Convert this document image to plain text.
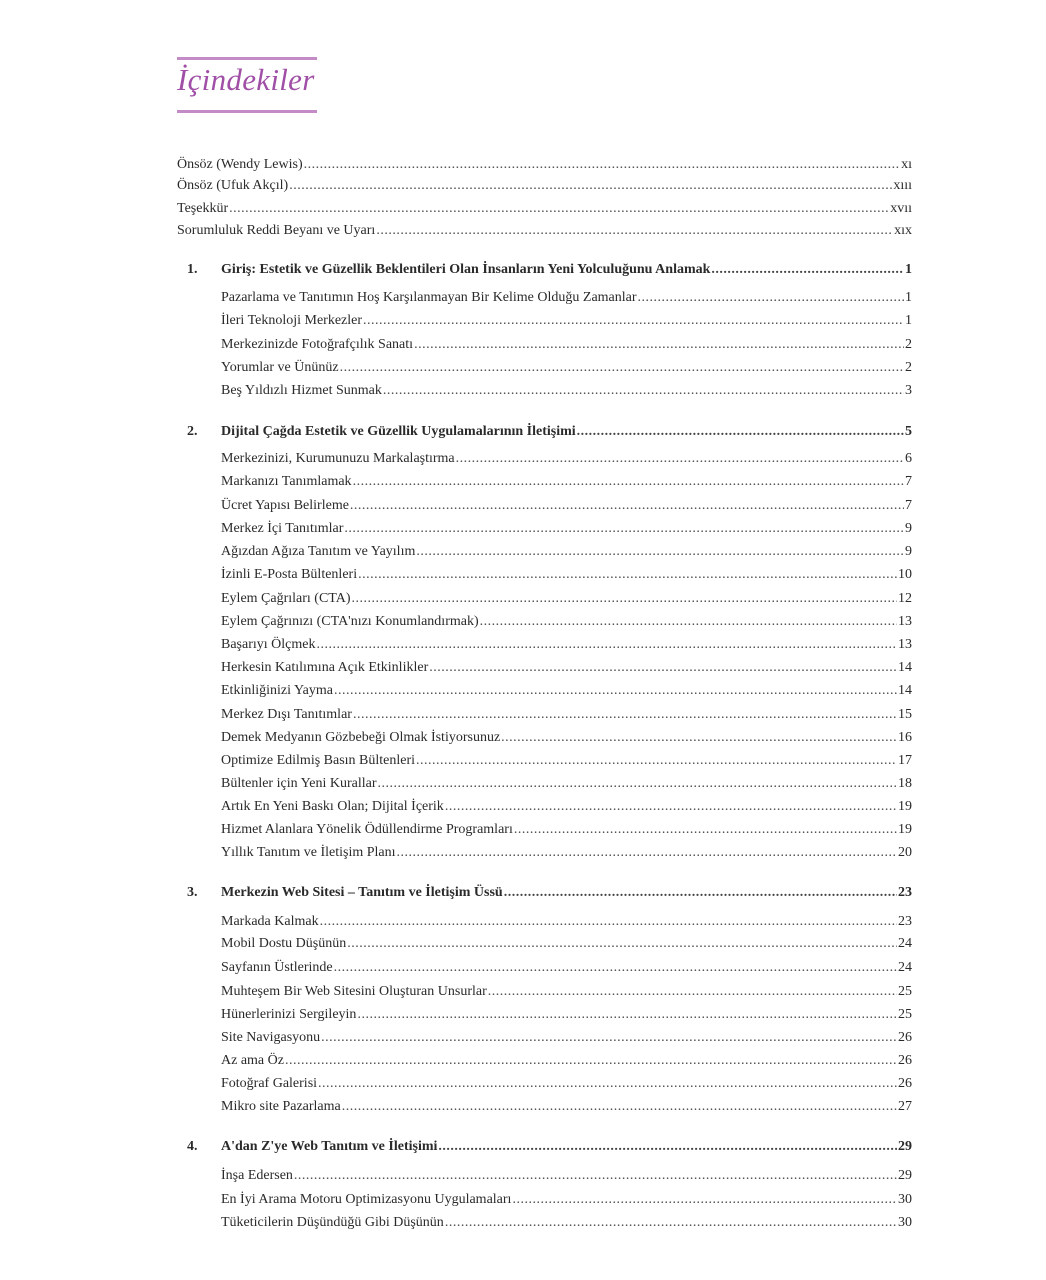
İçindekiler
Önsöz (Wendy Lewis) .....	xı
Önsöz (Ufuk Akçıl) .....	xııı
Teşekkür .....	xvıı
Sorumluluk Reddi Beyanı ve Uyarı .....	xıx
1. Giriş: Estetik ve Güzellik Beklentileri Olan İnsanların Yeni Yolculuğunu Anlamak .....	1
Pazarlama ve Tanıtımın Hoş Karşılanmayan Bir Kelime Olduğu Zamanlar .....	1
İleri Teknoloji Merkezler .....	1
Merkezinizde Fotoğrafçılık Sanatı .....	2
Yorumlar ve Ününüz .....	2
Beş Yıldızlı Hizmet Sunmak .....	3
2. Dijital Çağda Estetik ve Güzellik Uygulamalarının İletişimi .....	5
Merkezinizi, Kurumunuzu Markalaştırma .....	6
Markanızı Tanımlamak .....	7
Ücret Yapısı Belirleme .....	7
Merkez İçi Tanıtımlar .....	9
Ağızdan Ağıza Tanıtım ve Yayılım .....	9
İzinli E-Posta Bültenleri .....	10
Eylem Çağrıları (CTA) .....	12
Eylem Çağrınızı (CTA'nızı Konumlandırmak) .....	13
Başarıyı Ölçmek .....	13
Herkesin Katılımına Açık Etkinlikler .....	14
Etkinliğinizi Yayma .....	14
Merkez Dışı Tanıtımlar .....	15
Demek Medyanın Gözbebeği Olmak İstiyorsunuz .....	16
Optimize Edilmiş Basın Bültenleri .....	17
Bültenler için Yeni Kurallar .....	18
Artık En Yeni Baskı Olan; Dijital İçerik .....	19
Hizmet Alanlara Yönelik Ödüllendirme Programları .....	19
Yıllık Tanıtım ve İletişim Planı .....	20
3. Merkezin Web Sitesi – Tanıtım ve İletişim Üssü .....	23
Markada Kalmak .....	23
Mobil Dostu Düşünün .....	24
Sayfanın Üstlerinde .....	24
Muhteşem Bir Web Sitesini Oluşturan Unsurlar .....	25
Hünerlerinizi Sergileyin .....	25
Site Navigasyonu .....	26
Az ama Öz .....	26
Fotoğraf Galerisi .....	26
Mikro site Pazarlama .....	27
4. A'dan Z'ye Web Tanıtım ve İletişimi .....	29
İnşa Edersen .....	29
En İyi Arama Motoru Optimizasyonu Uygulamaları .....	30
Tüketicilerin Düşündüğü Gibi Düşünün .....	30
